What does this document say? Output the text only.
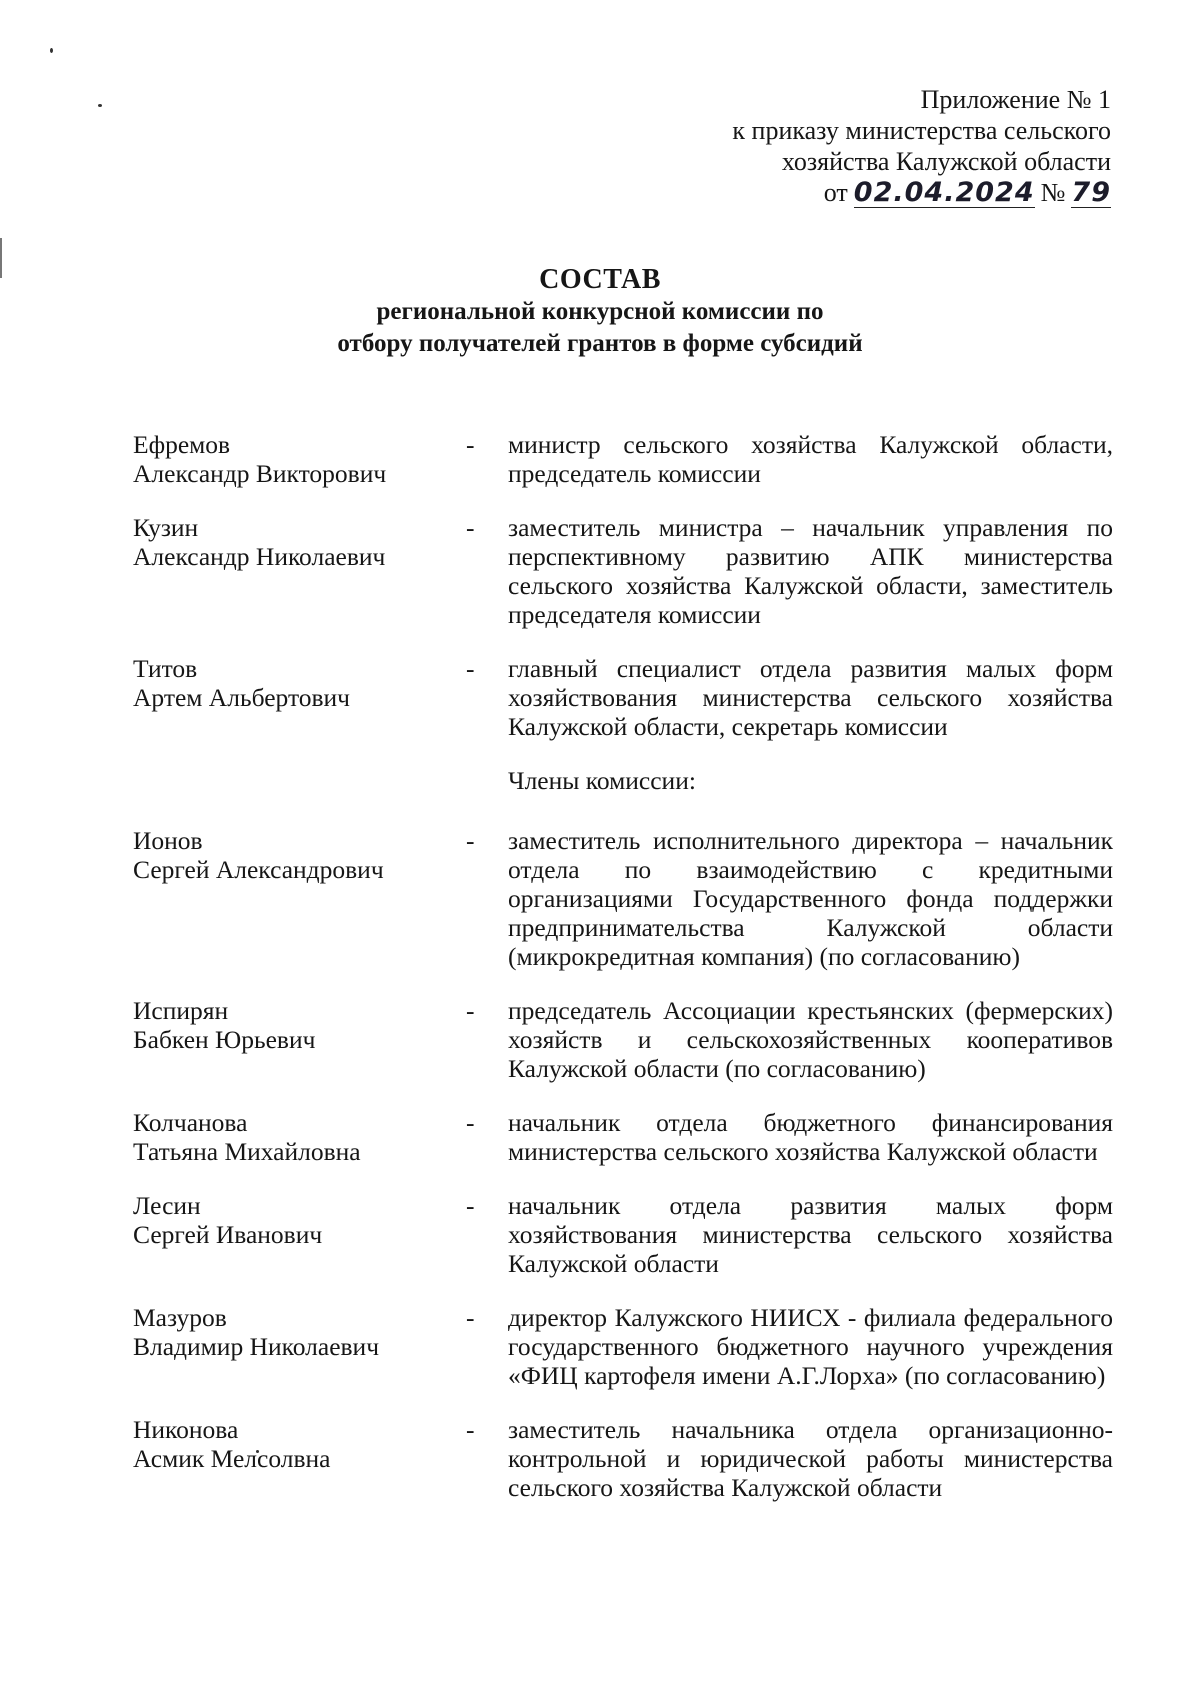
Приложение № 1
к приказу министерства сельского
хозяйства Калужской области
от 02.04.2024 № 79
СОСТАВ
региональной конкурсной комиссии по
отбору получателей грантов в форме субсидий
Ефремов
Александр Викторович
-	министр сельского хозяйства Калужской области, председатель комиссии
Кузин
Александр Николаевич
-	заместитель министра – начальник управления по перспективному развитию АПК министерства сельского хозяйства Калужской области, заместитель председателя комиссии
Титов
Артем Альбертович
-	главный специалист отдела развития малых форм хозяйствования министерства сельского хозяйства Калужской области, секретарь комиссии
Члены комиссии:
Ионов
Сергей Александрович
-	заместитель исполнительного директора – начальник отдела по взаимодействию с кредитными организациями Государственного фонда поддержки предпринимательства Калужской области (микрокредитная компания) (по согласованию)
Испирян
Бабкен Юрьевич
-	председатель Ассоциации крестьянских (фермерских) хозяйств и сельскохозяйственных кооперативов Калужской области (по согласованию)
Колчанова
Татьяна Михайловна
-	начальник отдела бюджетного финансирования министерства сельского хозяйства Калужской области
Лесин
Сергей Иванович
-	начальник отдела развития малых форм хозяйствования министерства сельского хозяйства Калужской области
Мазуров
Владимир Николаевич
-	директор Калужского НИИСХ - филиала федерального государственного бюджетного научного учреждения «ФИЦ картофеля имени А.Г.Лорха» (по согласованию)
Никонова
Асмик Мелсолвна
-	заместитель начальника отдела организационно-контрольной и юридической работы министерства сельского хозяйства Калужской области
